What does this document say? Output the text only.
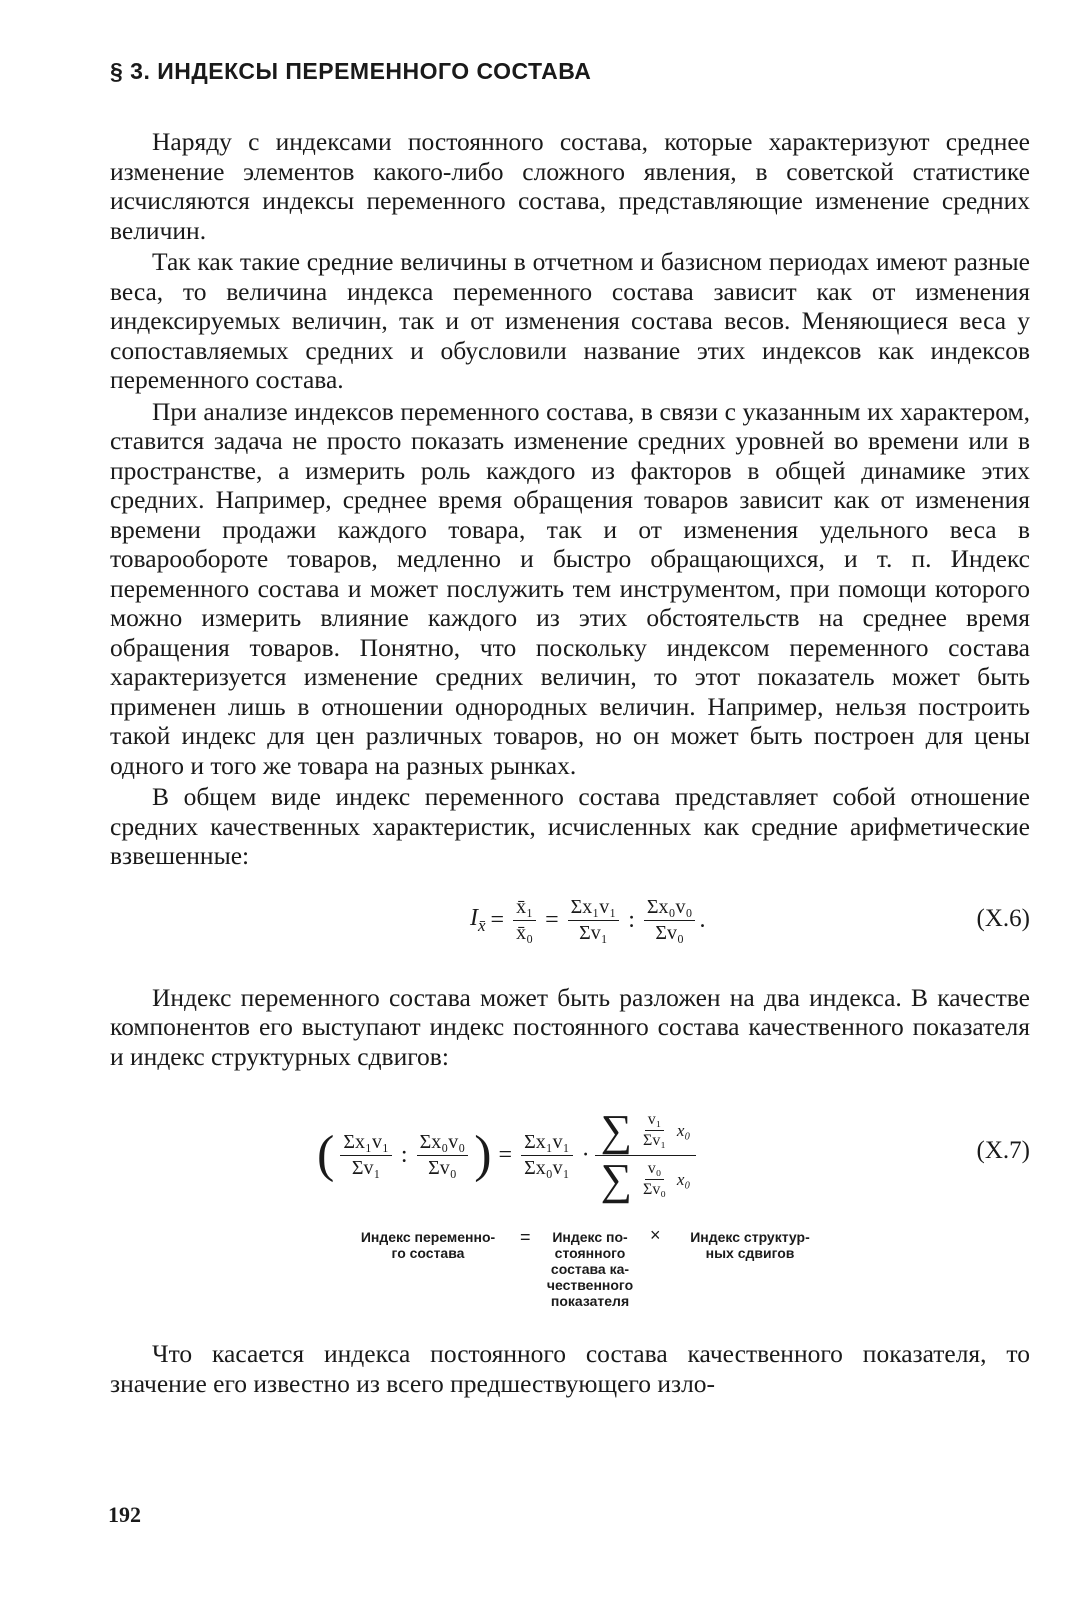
§ 3. ИНДЕКСЫ ПЕРЕМЕННОГО СОСТАВА

Наряду с индексами постоянного состава, которые характеризуют среднее изменение элементов какого-либо сложного явления, в советской статистике исчисляются индексы переменного состава, представляющие изменение средних величин.

Так как такие средние величины в отчетном и базисном периодах имеют разные веса, то величина индекса переменного состава зависит как от изменения индексируемых величин, так и от изменения состава весов. Меняющиеся веса у сопоставляемых средних и обусловили название этих индексов как индексов переменного состава.

При анализе индексов переменного состава, в связи с указанным их характером, ставится задача не просто показать изменение средних уровней во времени или в пространстве, а измерить роль каждого из факторов в общей динамике этих средних. Например, среднее время обращения товаров зависит как от изменения времени продажи каждого товара, так и от изменения удельного веса в товарообороте товаров, медленно и быстро обращающихся, и т. п. Индекс переменного состава и может послужить тем инструментом, при помощи которого можно измерить влияние каждого из этих обстоятельств на среднее время обращения товаров. Понятно, что поскольку индексом переменного состава характеризуется изменение средних величин, то этот показатель может быть применен лишь в отношении однородных величин. Например, нельзя построить такой индекс для цен различных товаров, но он может быть построен для цены одного и того же товара на разных рынках.

В общем виде индекс переменного состава представляет собой отношение средних качественных характеристик, исчисленных как средние арифметические взвешенные:

$I_{x̄} = \frac{\text{x̄₁}}{\text{x̄₀}} = \frac{\text{Σx₁v₁}}{\text{Σv₁}}$ : $\frac{\text{Σx₀v₀}}{\text{Σv₀}}$ .	(X.6)

Индекс переменного состава может быть разложен на два индекса. В качестве компонентов его выступают индекс постоянного состава качественного показателя и индекс структурных сдвигов:

( $\frac{\text{Σx₁v₁}}{\text{Σv₁}}$ : $\frac{\text{Σx₀v₀}}{\text{Σv₀}}$ ) = $\frac{\text{Σx₁v₁}}{\text{Σx₀v₁}}$ · ∑ $\frac{\text{v₁}}{\text{Σv₁}} x_0$
∑ $\frac{\text{v₀}}{\text{Σv₀}} x_0$
(X.7)
Индекс переменно-
го состава
=	Индекс по-
стоянного
состава ка-
чественного
показателя
×	Индекс структур-
ных сдвигов

Что касается индекса постоянного состава качественного показателя, то значение его известно из всего предшествующего изло-

192
